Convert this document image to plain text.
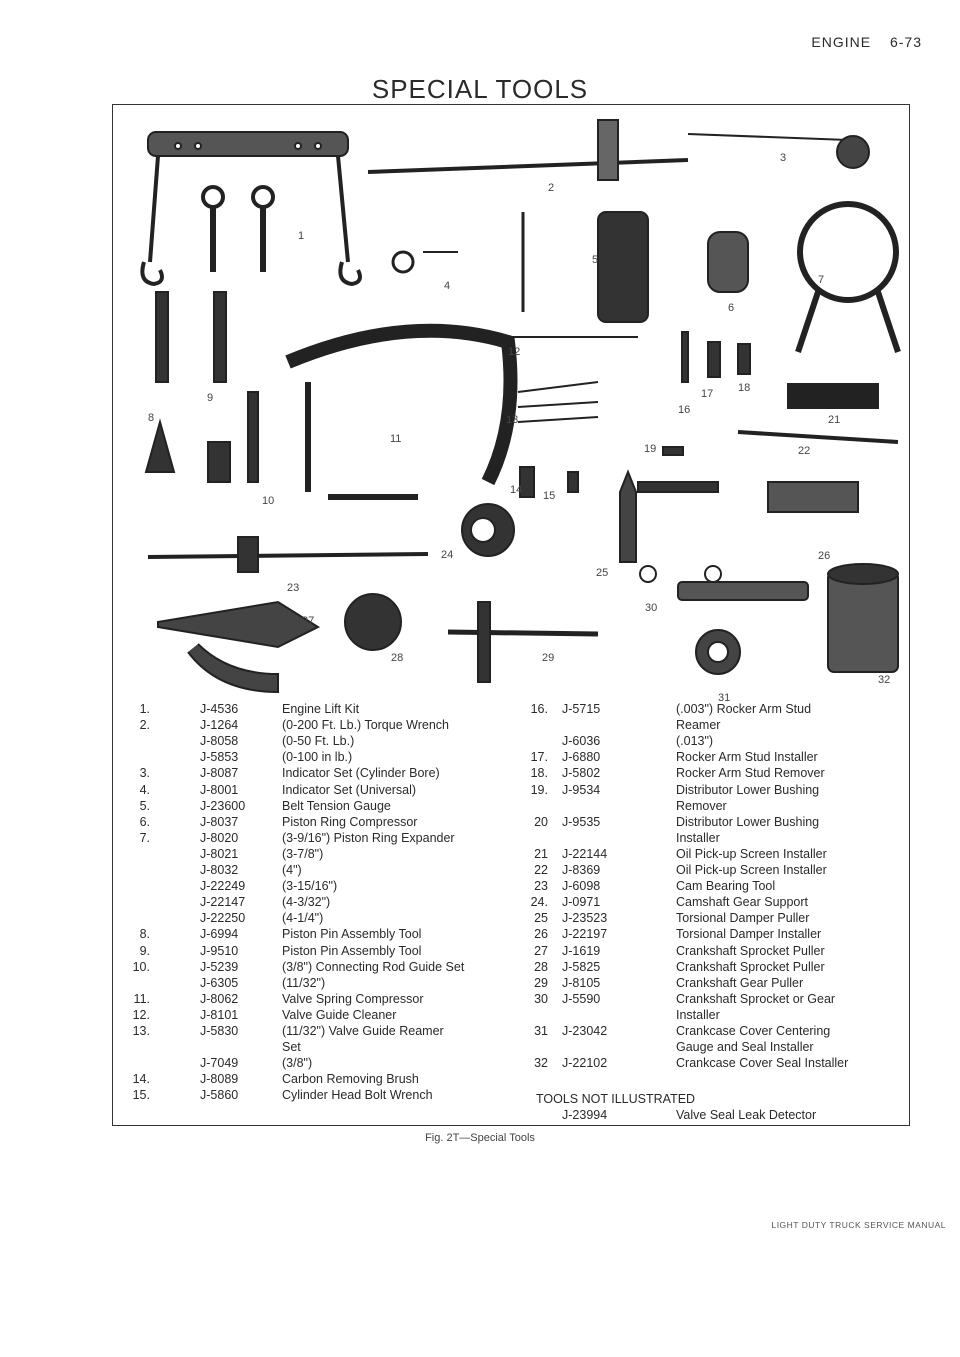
ENGINE 6-73
SPECIAL TOOLS
1
2
3
4
5
6
7
8
9
10
11
12
13
14 15
16
17 18
19
20
21
22
23
24
25
26
27
28	29
30
31
32
1.	J-4536	Engine Lift Kit
2.	J-1264	(0-200 Ft. Lb.) Torque Wrench
J-8058	(0-50 Ft. Lb.)
J-5853	(0-100 in lb.)
3.	J-8087	Indicator Set (Cylinder Bore)
4.	J-8001	Indicator Set (Universal)
5.	J-23600	Belt Tension Gauge
6.	J-8037	Piston Ring Compressor
7.	J-8020	(3-9/16") Piston Ring Expander
J-8021	(3-7/8")
J-8032	(4")
J-22249	(3-15/16")
J-22147	(4-3/32")
J-22250	(4-1/4")
8.	J-6994	Piston Pin Assembly Tool
9.	J-9510	Piston Pin Assembly Tool
10.	J-5239	(3/8") Connecting Rod Guide Set
J-6305	(11/32")
11.	J-8062	Valve Spring Compressor
12.	J-8101	Valve Guide Cleaner
13.	J-5830	(11/32") Valve Guide Reamer
Set
J-7049	(3/8")
14.	J-8089	Carbon Removing Brush
15.	J-5860	Cylinder Head Bolt Wrench
16. J-5715	(.003") Rocker Arm Stud
Reamer
J-6036	(.013")
17. J-6880	Rocker Arm Stud Installer
18. J-5802	Rocker Arm Stud Remover
19. J-9534	Distributor Lower Bushing
Remover
20 J-9535	Distributor Lower Bushing
Installer
21 J-22144	Oil Pick-up Screen Installer
22 J-8369	Oil Pick-up Screen Installer
23 J-6098	Cam Bearing Tool
24. J-0971	Camshaft Gear Support
25 J-23523	Torsional Damper Puller
26 J-22197	Torsional Damper Installer
27 J-1619	Crankshaft Sprocket Puller
28 J-5825	Crankshaft Sprocket Puller
29 J-8105	Crankshaft Gear Puller
30 J-5590	Crankshaft Sprocket or Gear
Installer
31 J-23042	Crankcase Cover Centering
Gauge and Seal Installer
32 J-22102	Crankcase Cover Seal Installer
TOOLS NOT ILLUSTRATED
J-23994	Valve Seal Leak Detector
Fig. 2T—Special Tools
LIGHT DUTY TRUCK SERVICE MANUAL
